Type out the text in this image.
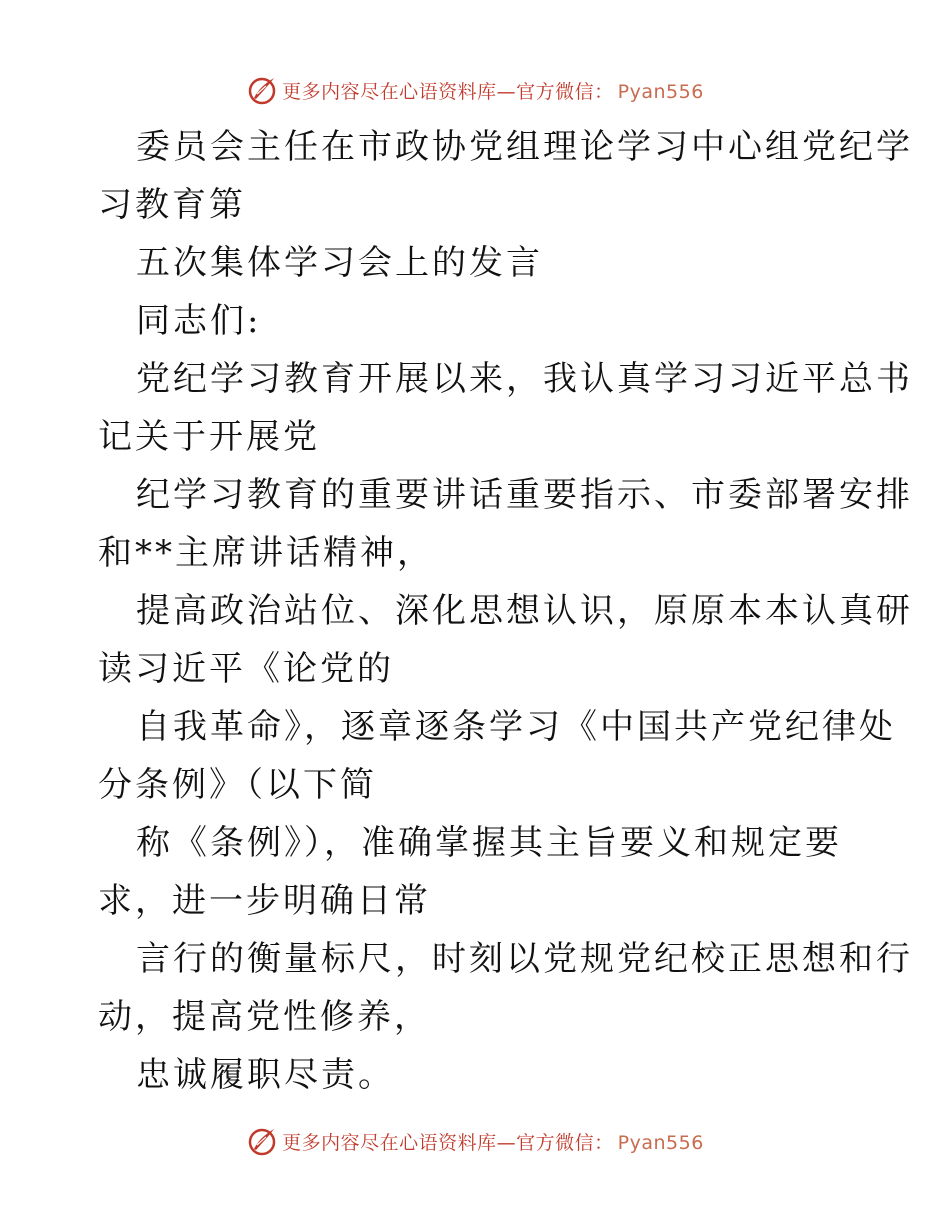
更多内容尽在心语资料库—官方微信： Pyan556
委员会主任在市政协党组理论学习中心组党纪学
习教育第
五次集体学习会上的发言
同志们:
党纪学习教育开展以来，我认真学习习近平总书
记关于开展党
纪学习教育的重要讲话重要指示、市委部署安排
和**主席讲话精神，
提高政治站位、深化思想认识，原原本本认真研
读习近平《论党的
自我革命》，逐章逐条学习《中国共产党纪律处
分条例》（以下简
称《条例》），准确掌握其主旨要义和规定要
求，进一步明确日常
言行的衡量标尺，时刻以党规党纪校正思想和行
动，提高党性修养，
忠诚履职尽责。
更多内容尽在心语资料库—官方微信： Pyan556
